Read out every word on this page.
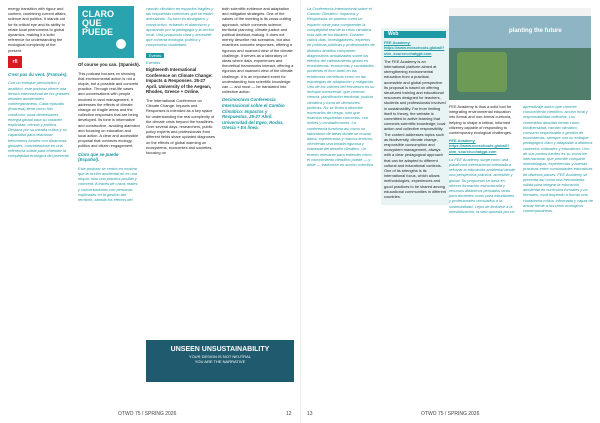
energy transition with rigour and content, combining current affairs, science and politics. It stands out for its critical eye and its ability to relate local phenomena to global dynamics, making it a solid reference for understanding the ecological complexity of the present.

rfi

C'est pas du vent. (Francés).

Con un enfoque periodístico y analítico, este podcast ofrece una lectura internacional de los grandes debates ambientales contemporáneos. Cada episodio (francesa) tiene como hilo conductor, unas dimensiones energía global para su carácter, explicidad, ciencia y política. Destaca por su mirada crítica y su capacidad para relacionar fenómenos locales con dinámicas globales, convirtiéndose en una referencia sólida para entender la complejidad ecológica del presente.

CLARO
QUE
PUEDE

Of course you can. (Spanish).

This podcast focuses on showing that environmental action is not a utopia, but a possible and concrete practice. Through real-life cases and conversations with people involved in land management, it addresses the effects of climate change on fragile areas and the collective responses that are being developed. Its tone is informative and constructive, avoiding alarmism and focusing on education and local action. A clear and accessible proposal that connects ecology, politics and citizen engagement.

Claro que se puede (Español).

Este podcast se centra en mostrar que la acción ambiental no es una utopía, sino una práctica posible y concreta. A través de casos reales y conversaciones con personas implicadas en la gestión del territorio, aborda los efectos del

cambio climático en espacios frágiles y las respuestas colectivas que se están articulando. Su tono es divulgativo y constructivo, evitando el alarmismo y apostando por la pedagogía y la acción local. Una propuesta clara y accesible que conecta ecología, política y compromiso ciudadano.

Events

Eventos

Eighteenth International Conference on Climate Change: Impacts & Responses. 25-27 April. University of the Aegean, Rhodes, Greece + Online.

The International Conference on Climate Change: Impacts and Responses is intended as a key space for understanding the real complexity of the climate crisis beyond the headlines. Over several days, researchers, public policy experts and professionals from different fields share updated diagnoses on the effects of global warming on ecosystems, economies and societies, focusing on

both scientific evidence and adaptation and mitigation strategies. One of the values of the meeting is its cross-cutting approach, which connects science, territorial planning, climate justice and political decision-making. It does not merely describe risk scenarios, but also examines concrete responses, offering a rigorous and nuanced view of the climate challenge. It serves as a laboratory of ideas where data, experiences and theoretical frameworks interact, offering a rigorous and nuanced view of the climate challenge. It is an important event for understanding how scientific knowledge can — and must — be translated into collective action.

Decimoctava Conferencia Internacional sobre el Cambio Climático: Impactos y Respuestas. 25-27 Abril. Universidad del Egeo, Rodas, Grecia + En línea.

UNSEEN UNSUSTAINABILITY
YOUR DESIGN IS NOT NEUTRAL
YOU ARE THE NARRATIVE
OTWO 75 / SPRING 2026	12

La Conferencia Internacional sobre el Cambio Climático: Impactos y Respuestas se plantea como un espacio clave para comprender la complejidad real de la crisis climática más allá de los titulares. Durante varios días, investigadores, expertos en políticas públicas y profesionales de distintos ámbitos comparten diagnósticos actualizados sobre los efectos del calentamiento global en ecosistemas, economías y sociedades, poniendo el foco tanto en las evidencias científicas como en las estrategias de adaptación y mitigación. Uno de los valores del encuentro es su enfoque transversal, que conecta ciencia, planificación territorial, justicia climática y toma de decisiones políticas. No se limita a describir escenarios de riesgo, sino que examina respuestas concretas, con límites y contradicciones. La conferencia funciona así como un laboratorio de ideas donde se cruzan datos, experiencias y marcos teóricos, ofreciendo una mirada rigurosa y matizada del desafío climático. Un evento relevante para entender cómo el conocimiento científico puede — y debe — traducirse en acción colectiva.

Web

FEE Academy. https://www.ecoschools.global/?utm_source=chatgpt.com

The FEE Academy is an international platform aimed at strengthening environmental education from a practical, accessible and global perspective. Its proposal is based on offering structured training and educational resources designed for teachers, students and professionals involved in sustainability. Far from limiting itself to theory, the website is committed to active learning that connects scientific knowledge, local action and collective responsibility. The content addresses topics such as biodiversity, climate change, responsible consumption and ecosystem management, always with a clear pedagogical approach that can be adapted to different cultural and educational contexts. One of its strengths is its international focus, which allows methodologies, experiences and good practices to be shared among educational communities in different countries.

planting the future

FEE Academy is thus a solid tool for integrating environmental education into formal and non-formal curricula, helping to shape a critical, informed citizenry capable of responding to contemporary ecological challenges.

FEE Academy. https://www.ecoschools.global/?utm_source=chatgpt.com

La FEE Academy surge como una plataforma internacional orientada a reforzar la educación ambiental desde una perspectiva práctica, accesible y global. Su propuesta se basa en ofrecer formación estructurada y recursos didácticos pensados tanto para docentes como para estudiantes y profesionales vinculados a la sostenibilidad. Lejos de limitarse a la sensibilización, la web apuesta por un

aprendizaje activo que conecte conocimiento científico, acción local y responsabilidad colectiva. Los contenidos abordan temas como biodiversidad, cambio climático, consumo responsable o gestión de ecosistemas, siempre con un enfoque pedagógico claro y adaptable a distintos contextos culturales y educativos. Uno de sus puntos fuertes es su vocación internacional, que permite compartir metodologías, experiencias y buenas prácticas entre comunidades educativas de distintos países. FEE Academy se presenta así como una herramienta sólida para integrar la educación ambiental en currículos formales y no formales, contribuyendo a formar una ciudadanía crítica, informada y capaz de actuar frente a los retos ecológicos contemporáneos.

13	OTWO 75 / SPRING 2026
